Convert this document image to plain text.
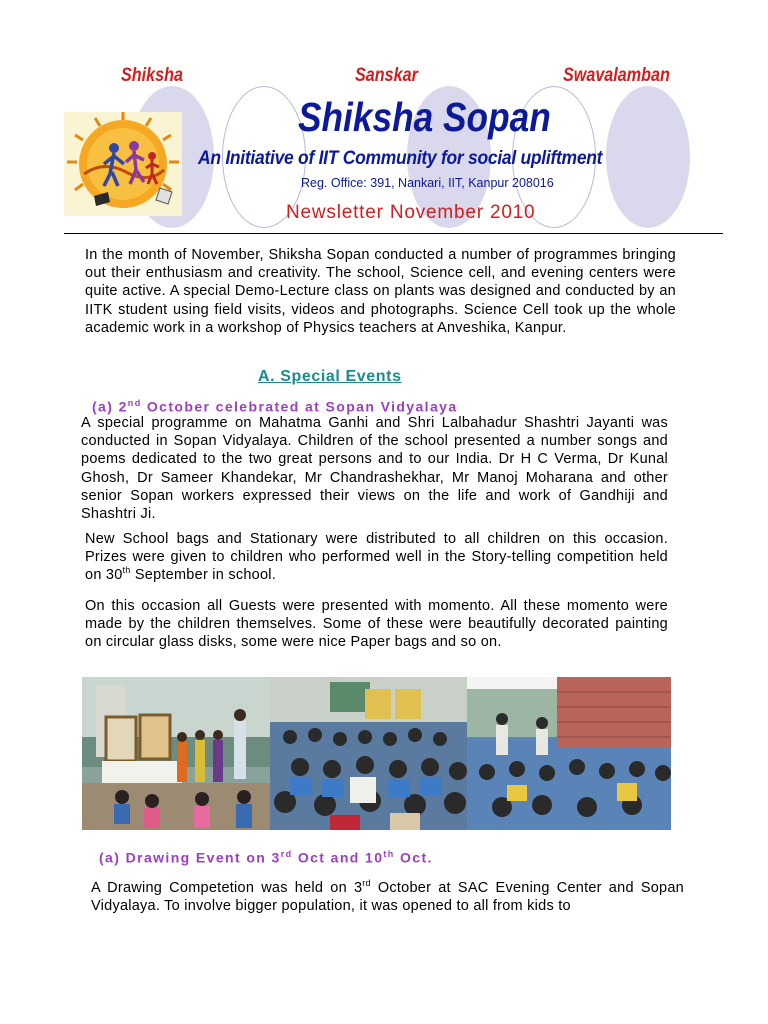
Shiksha	Sanskar	Swavalamban
Shiksha Sopan
An Initiative of IIT Community for social upliftment
Reg. Office: 391, Nankari, IIT, Kanpur 208016
Newsletter November 2010
In the month of November, Shiksha Sopan conducted a number of programmes bringing out their enthusiasm and creativity. The school, Science cell, and evening centers were quite active. A special Demo-Lecture class on plants was designed and conducted by an IITK student using field visits, videos and photographs. Science Cell took up the whole academic work in a workshop of Physics teachers at Anveshika, Kanpur.
A. Special Events
(a) 2nd October celebrated at Sopan Vidyalaya
A special programme on Mahatma Ganhi and Shri Lalbahadur Shashtri Jayanti was conducted in Sopan Vidyalaya. Children of the school presented a number songs and poems dedicated to the two great persons and to our India. Dr H C Verma, Dr Kunal Ghosh, Dr Sameer Khandekar, Mr Chandrashekhar, Mr Manoj Moharana and other senior Sopan workers expressed their views on the life and work of Gandhiji and Shashtri Ji.
New School bags and Stationary were distributed to all children on this occasion. Prizes were given to children who performed well in the Story-telling competition held on 30th September in school.
On this occasion all Guests were presented with momento. All these momento were made by the children themselves. Some of these were beautifully decorated painting on circular glass disks, some were nice Paper bags and so on.
(a) Drawing Event on 3rd Oct and 10th Oct.
A Drawing Competetion was held on 3rd October at SAC Evening Center and Sopan Vidyalaya. To involve bigger population, it was opened to all from kids to
